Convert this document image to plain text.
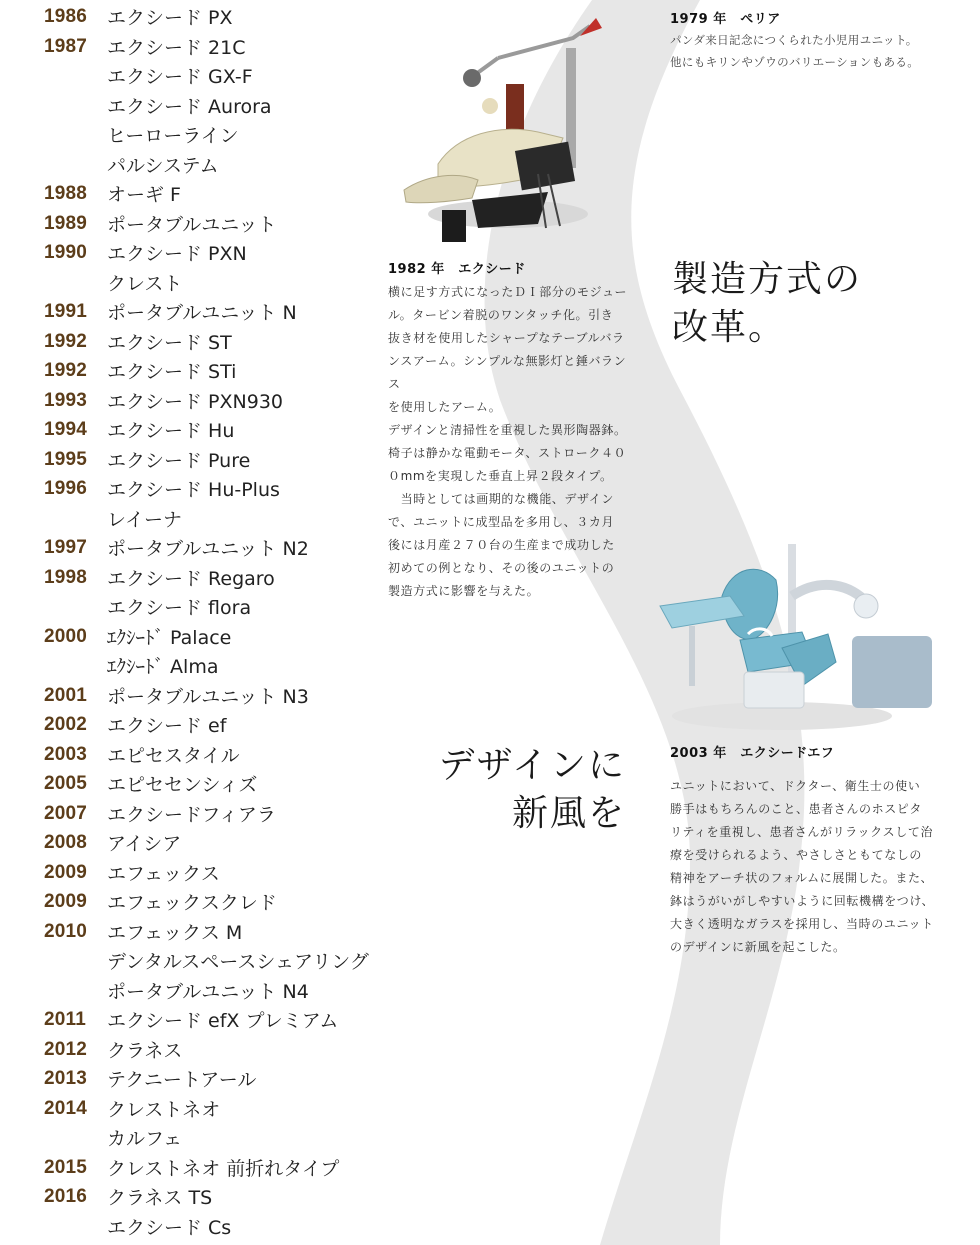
1986	エクシード PX
1987	エクシード 21C
エクシード GX-F
エクシード Aurora
ヒーローライン
パルシステム
1988	オーギ F
1989	ポータブルユニット
1990	エクシード PXN
クレスト
1991	ポータブルユニット N
1992	エクシード ST
1992	エクシード STi
1993	エクシード PXN930
1994	エクシード Hu
1995	エクシード Pure
1996	エクシード Hu-Plus
レイーナ
1997	ポータブルユニット N2
1998	エクシード Regaro
エクシード flora
2000	ｴｸｼｰﾄﾞ Palace
ｴｸｼｰﾄﾞ Alma
2001	ポータブルユニット N3
2002	エクシード ef
2003	エピセスタイル
2005	エピセセンシィズ
2007	エクシードフィアラ
2008	アイシア
2009	エフェックス
2009	エフェックスクレド
2010	エフェックス M
デンタルスペースシェアリング
ポータブルユニット N4
2011	エクシード efX プレミアム
2012	クラネス
2013	テクニートアール
2014	クレストネオ
カルフェ
2015	クレストネオ 前折れタイプ
2016	クラネス TS
エクシード Cs
1979 年　ペリア
パンダ来日記念につくられた小児用ユニット。
他にもキリンやゾウのバリエーションもある。
1982 年　エクシード
横に足す方式になったＤＩ部分のモジュー
ル。タービン着脱のワンタッチ化。引き
抜き材を使用したシャープなテーブルバラ
ンスアーム。シンプルな無影灯と錘バランス
を使用したアーム。
デザインと清掃性を重視した異形陶器鉢。
椅子は静かな電動モータ、ストローク４０
０mmを実現した垂直上昇２段タイプ。
　当時としては画期的な機能、デザイン
で、ユニットに成型品を多用し、３カ月
後には月産２７０台の生産まで成功した
初めての例となり、その後のユニットの
製造方式に影響を与えた。
製造方式の
改革。
デザインに
新風を
2003 年　エクシードエフ
ユニットにおいて、ドクター、衛生士の使い
勝手はもちろんのこと、患者さんのホスピタ
リティを重視し、患者さんがリラックスして治
療を受けられるよう、やさしさともてなしの
精神をアーチ状のフォルムに展開した。また、
鉢はうがいがしやすいように回転機構をつけ、
大きく透明なガラスを採用し、当時のユニット
のデザインに新風を起こした。
